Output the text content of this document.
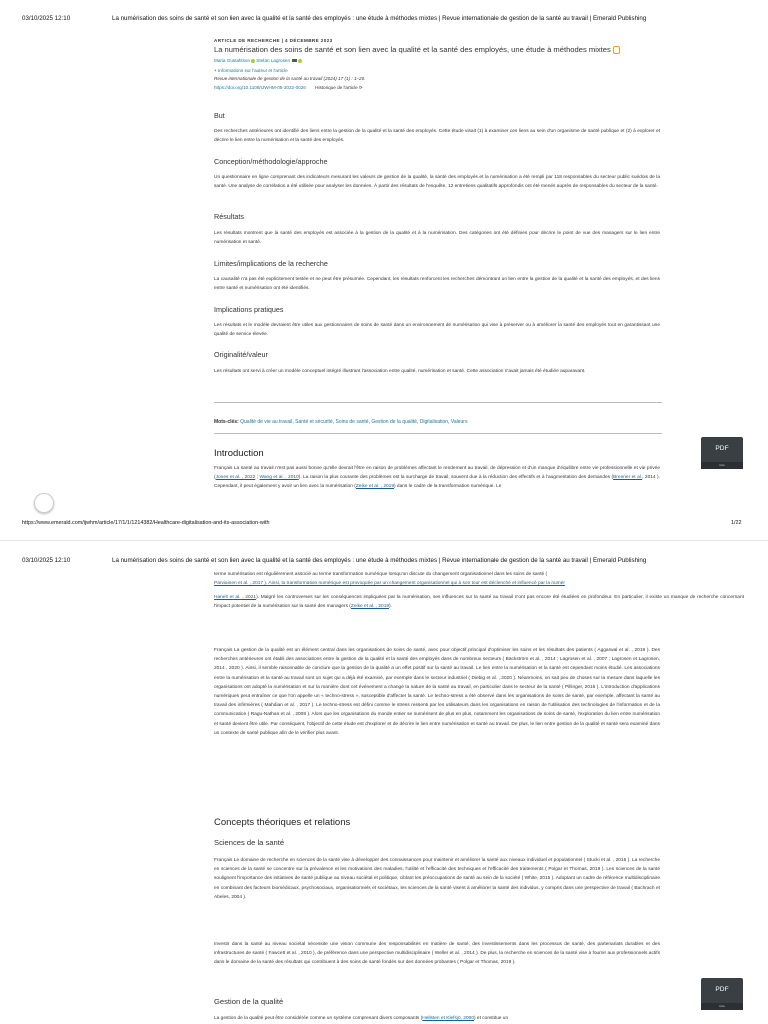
03/10/2025 12:10	La numérisation des soins de santé et son lien avec la qualité et la santé des employés : une étude à méthodes mixtes | Revue internationale de gestion de la santé au travail | Emerald Publishing
ARTICLE DE RECHERCHE | 4 DÉCEMBRE 2023
La numérisation des soins de santé et son lien avec la qualité et la santé des employés, une étude à méthodes mixtes
Maria Gustafsson Stefan Lagrosen
+ Informations sur l'auteur et l'article
Revue internationale de gestion de la santé au travail (2024) 17 (1) : 1–20.
https://doi.org/10.1108/IJWHM-05-2022-0026 Historique de l'article ⟳
But
Des recherches antérieures ont identifié des liens entre la gestion de la qualité et la santé des employés. Cette étude visait (1) à examiner ces liens au sein d'un organisme de santé publique et (2) à explorer et décrire le lien entre la numérisation et la santé des employés.
Conception/méthodologie/approche
Un questionnaire en ligne comprenant des indicateurs mesurant les valeurs de gestion de la qualité, la santé des employés et la numérisation a été rempli par 118 responsables du secteur public suédois de la santé. Une analyse de corrélation a été utilisée pour analyser les données. À partir des résultats de l'enquête, 12 entretiens qualitatifs approfondis ont été menés auprès de responsables du secteur de la santé.
Résultats
Les résultats montrent que la santé des employés est associée à la gestion de la qualité et à la numérisation. Des catégories ont été définies pour décrire le point de vue des managers sur le lien entre numérisation et santé.
Limites/implications de la recherche
La causalité n'a pas été explicitement testée et ne peut être présumée. Cependant, les résultats renforcent les recherches démontrant un lien entre la gestion de la qualité et la santé des employés, et des liens entre santé et numérisation ont été identifiés.
Implications pratiques
Les résultats et le modèle devraient être utiles aux gestionnaires de soins de santé dans un environnement de numérisation qui vise à préserver ou à améliorer la santé des employés tout en garantissant une qualité de service élevée.
Originalité/valeur
Les résultats ont servi à créer un modèle conceptuel intégré illustrant l'association entre qualité, numérisation et santé. Cette association n'avait jamais été étudiée auparavant.
Mots-clés: Qualité de vie au travail, Santé et sécurité, Soins de santé, Gestion de la qualité, Digitalisation, Valeurs
Introduction
Français La santé au travail n'est pas aussi bonne qu'elle devrait l'être en raison de problèmes affectant le rendement au travail, de dépression et d'un manque d'équilibre entre vie professionnelle et vie privée (Jones et al. , 2022 ; Wang et al. , 2010). La raison la plus courante des problèmes est la surcharge de travail, souvent due à la réduction des effectifs et à l'augmentation des demandes (Brenner et al., 2014 ). Cependant, il peut également y avoir un lien avec la numérisation (Zeike et al. , 2019) dans le cadre de la transformation numérique. Le
PDF
Aide
https://www.emerald.com/ijwhm/article/17/1/1/1214382/Healthcare-digitalisation-and-its-association-with	1/22
03/10/2025 12:10	La numérisation des soins de santé et son lien avec la qualité et la santé des employés : une étude à méthodes mixtes | Revue internationale de gestion de la santé au travail | Emerald Publishing
terme numérisation est régulièrement associé au terme transformation numérique lorsqu'on discute du changement organisationnel dans les soins de santé (
Parviainen et al. , 2017 ). Ainsi, la transformation numérique est provoquée par un changement organisationnel qui à son tour est déclenché et influencé par la numér
Hanelt et al. , 2021). Malgré les controverses sur les conséquences impliquées par la numérisation, ses influences sur la santé au travail n'ont pas encore été étudiées en profondeur. En particulier, il existe un manque de recherche concernant l'impact potentiel de la numérisation sur la santé des managers (Zeike et al. , 2019).
Français La gestion de la qualité est un élément central dans les organisations de soins de santé, avec pour objectif principal d'optimiser les soins et les résultats des patients ( Aggarwal et al. , 2019 ). Des recherches antérieures ont établi des associations entre la gestion de la qualité et la santé des employés dans de nombreux secteurs ( Bäckström et al. , 2014 ; Lagrosen et al. , 2007 ; Lagrosen et Lagrosen, 2014 , 2020 ). Ainsi, il semble raisonnable de conclure que la gestion de la qualité a un effet positif sur la santé au travail. Le lien entre la numérisation et la santé est cependant moins étudié. Les associations entre la numérisation et la santé au travail sont un sujet qui a déjà été examiné, par exemple dans le secteur industriel ( Diebig et al. , 2020 ). Néanmoins, on sait peu de choses sur la mesure dans laquelle les organisations ont adopté la numérisation et sur la manière dont cet événement a changé la nature de la santé au travail, en particulier dans le secteur de la santé ( Pillinger, 2016 ). L'introduction d'applications numériques peut entraîner ce que l'on appelle un « techno-stress », susceptible d'affecter la santé. Le techno-stress a été observé dans les organisations de soins de santé, par exemple, affectant la santé au travail des infirmières ( Mahdian et al. , 2017 ). Le techno-stress est défini comme le stress ressenti par les utilisateurs dans les organisations en raison de l'utilisation des technologies de l'information et de la communication ( Ragu-Nathan et al. , 2008 ). Alors que les organisations du monde entier se numérisent de plus en plus, notamment les organisations de soins de santé, l'exploration du lien entre numérisation et santé devient être utile. Par conséquent, l'objectif de cette étude est d'explorer et de décrire le lien entre numérisation et santé au travail. De plus, le lien entre gestion de la qualité et santé sera examiné dans un contexte de santé publique afin de le vérifier plus avant.
Concepts théoriques et relations
Sciences de la santé
Français Le domaine de recherche en sciences de la santé vise à développer des connaissances pour maintenir et améliorer la santé aux niveaux individuel et populationnel ( Stucki et al. , 2016 ). La recherche en sciences de la santé se concentre sur la prévalence et les motivations des maladies, l'utilité et l'efficacité des techniques et l'efficacité des traitements ( Polgar et Thomas, 2019 ). Les sciences de la santé soulignent l'importance des initiatives de santé publique au niveau sociétal et politique, ciblant les préoccupations de santé au sein de la société ( White, 2015 ). Adoptant un cadre de référence multidisciplinaire en combinant des facteurs biomédicaux, psychosociaux, organisationnels et sociétaux, les sciences de la santé visent à améliorer la santé des individus, y compris dans une perspective de travail ( Bachrach et Abeles, 2004 ).
Investir dans la santé au niveau sociétal nécessite une vision commune des responsabilités en matière de santé, des investissements dans les processus de santé, des partenariats durables et des infrastructures de santé ( Fawcett et al. , 2010 ), de préférence dans une perspective multidisciplinaire ( Weller et al. , 2014 ). De plus, la recherche en sciences de la santé vise à fournir aux professionnels actifs dans le domaine de la santé des résultats qui contribuent à des soins de santé fondés sur des données probantes ( Polgar et Thomas, 2019 ).
Gestion de la qualité
La gestion de la qualité peut être considérée comme un système comprenant divers composants (Hellsten et Klefsjö, 2000) et constitue un
PDF
Aide
